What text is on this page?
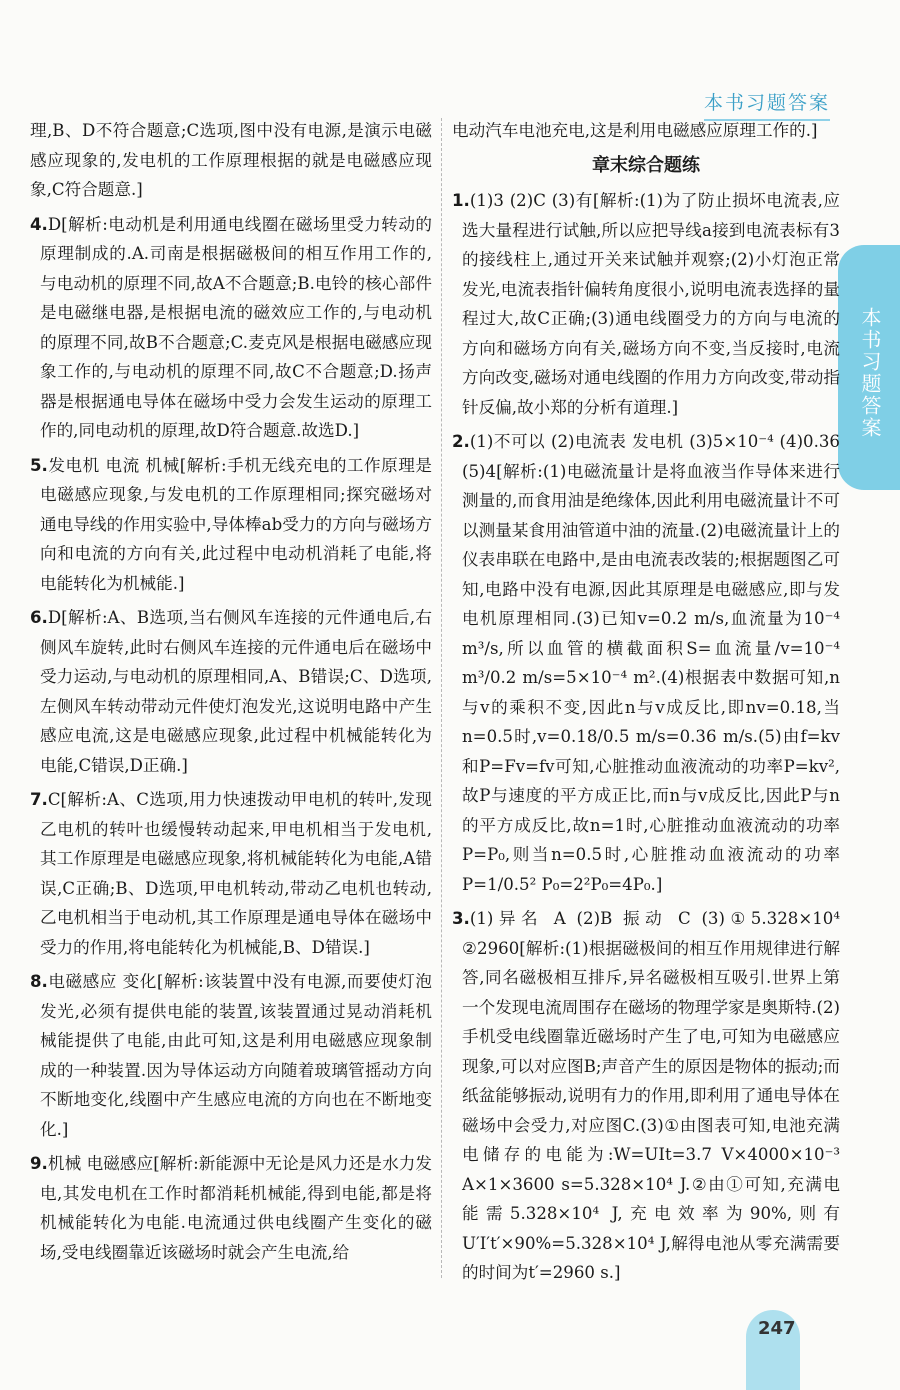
本书习题答案
本书习题答案
理,B、D不符合题意;C选项,图中没有电源,是演示电磁感应现象的,发电机的工作原理根据的就是电磁感应现象,C符合题意.]
4.D[解析:电动机是利用通电线圈在磁场里受力转动的原理制成的.A.司南是根据磁极间的相互作用工作的,与电动机的原理不同,故A不合题意;B.电铃的核心部件是电磁继电器,是根据电流的磁效应工作的,与电动机的原理不同,故B不合题意;C.麦克风是根据电磁感应现象工作的,与电动机的原理不同,故C不合题意;D.扬声器是根据通电导体在磁场中受力会发生运动的原理工作的,同电动机的原理,故D符合题意.故选D.]
5.发电机 电流 机械[解析:手机无线充电的工作原理是电磁感应现象,与发电机的工作原理相同;探究磁场对通电导线的作用实验中,导体棒ab受力的方向与磁场方向和电流的方向有关,此过程中电动机消耗了电能,将电能转化为机械能.]
6.D[解析:A、B选项,当右侧风车连接的元件通电后,右侧风车旋转,此时右侧风车连接的元件通电后在磁场中受力运动,与电动机的原理相同,A、B错误;C、D选项,左侧风车转动带动元件使灯泡发光,这说明电路中产生感应电流,这是电磁感应现象,此过程中机械能转化为电能,C错误,D正确.]
7.C[解析:A、C选项,用力快速拨动甲电机的转叶,发现乙电机的转叶也缓慢转动起来,甲电机相当于发电机,其工作原理是电磁感应现象,将机械能转化为电能,A错误,C正确;B、D选项,甲电机转动,带动乙电机也转动,乙电机相当于电动机,其工作原理是通电导体在磁场中受力的作用,将电能转化为机械能,B、D错误.]
8.电磁感应 变化[解析:该装置中没有电源,而要使灯泡发光,必须有提供电能的装置,该装置通过晃动消耗机械能提供了电能,由此可知,这是利用电磁感应现象制成的一种装置.因为导体运动方向随着玻璃管摇动方向不断地变化,线圈中产生感应电流的方向也在不断地变化.]
9.机械 电磁感应[解析:新能源中无论是风力还是水力发电,其发电机在工作时都消耗机械能,得到电能,都是将机械能转化为电能.电流通过供电线圈产生变化的磁场,受电线圈靠近该磁场时就会产生电流,给
电动汽车电池充电,这是利用电磁感应原理工作的.]
章末综合题练
1.(1)3 (2)C (3)有[解析:(1)为了防止损坏电流表,应选大量程进行试触,所以应把导线a接到电流表标有3的接线柱上,通过开关来试触并观察;(2)小灯泡正常发光,电流表指针偏转角度很小,说明电流表选择的量程过大,故C正确;(3)通电线圈受力的方向与电流的方向和磁场方向有关,磁场方向不变,当反接时,电流方向改变,磁场对通电线圈的作用力方向改变,带动指针反偏,故小郑的分析有道理.]
2.(1)不可以 (2)电流表 发电机 (3)5×10⁻⁴ (4)0.36 (5)4[解析:(1)电磁流量计是将血液当作导体来进行测量的,而食用油是绝缘体,因此利用电磁流量计不可以测量某食用油管道中油的流量.(2)电磁流量计上的仪表串联在电路中,是由电流表改装的;根据题图乙可知,电路中没有电源,因此其原理是电磁感应,即与发电机原理相同.(3)已知v=0.2 m/s,血流量为10⁻⁴ m³/s,所以血管的横截面积S=血流量/v=10⁻⁴ m³/0.2 m/s=5×10⁻⁴ m².(4)根据表中数据可知,n与v的乘积不变,因此n与v成反比,即nv=0.18,当n=0.5时,v=0.18/0.5 m/s=0.36 m/s.(5)由f=kv和P=Fv=fv可知,心脏推动血液流动的功率P=kv²,故P与速度的平方成正比,而n与v成反比,因此P与n的平方成反比,故n=1时,心脏推动血液流动的功率P=P₀,则当n=0.5时,心脏推动血液流动的功率P=1/0.5² P₀=2²P₀=4P₀.]
3.(1)异名 A (2)B 振动 C (3)①5.328×10⁴ ②2960[解析:(1)根据磁极间的相互作用规律进行解答,同名磁极相互排斥,异名磁极相互吸引.世界上第一个发现电流周围存在磁场的物理学家是奥斯特.(2)手机受电线圈靠近磁场时产生了电,可知为电磁感应现象,可以对应图B;声音产生的原因是物体的振动;而纸盆能够振动,说明有力的作用,即利用了通电导体在磁场中会受力,对应图C.(3)①由图表可知,电池充满电储存的电能为:W=UIt=3.7 V×4000×10⁻³ A×1×3600 s=5.328×10⁴ J.②由①可知,充满电能需5.328×10⁴ J,充电效率为90%,则有U′I′t′×90%=5.328×10⁴ J,解得电池从零充满需要的时间为t′=2960 s.]
247
